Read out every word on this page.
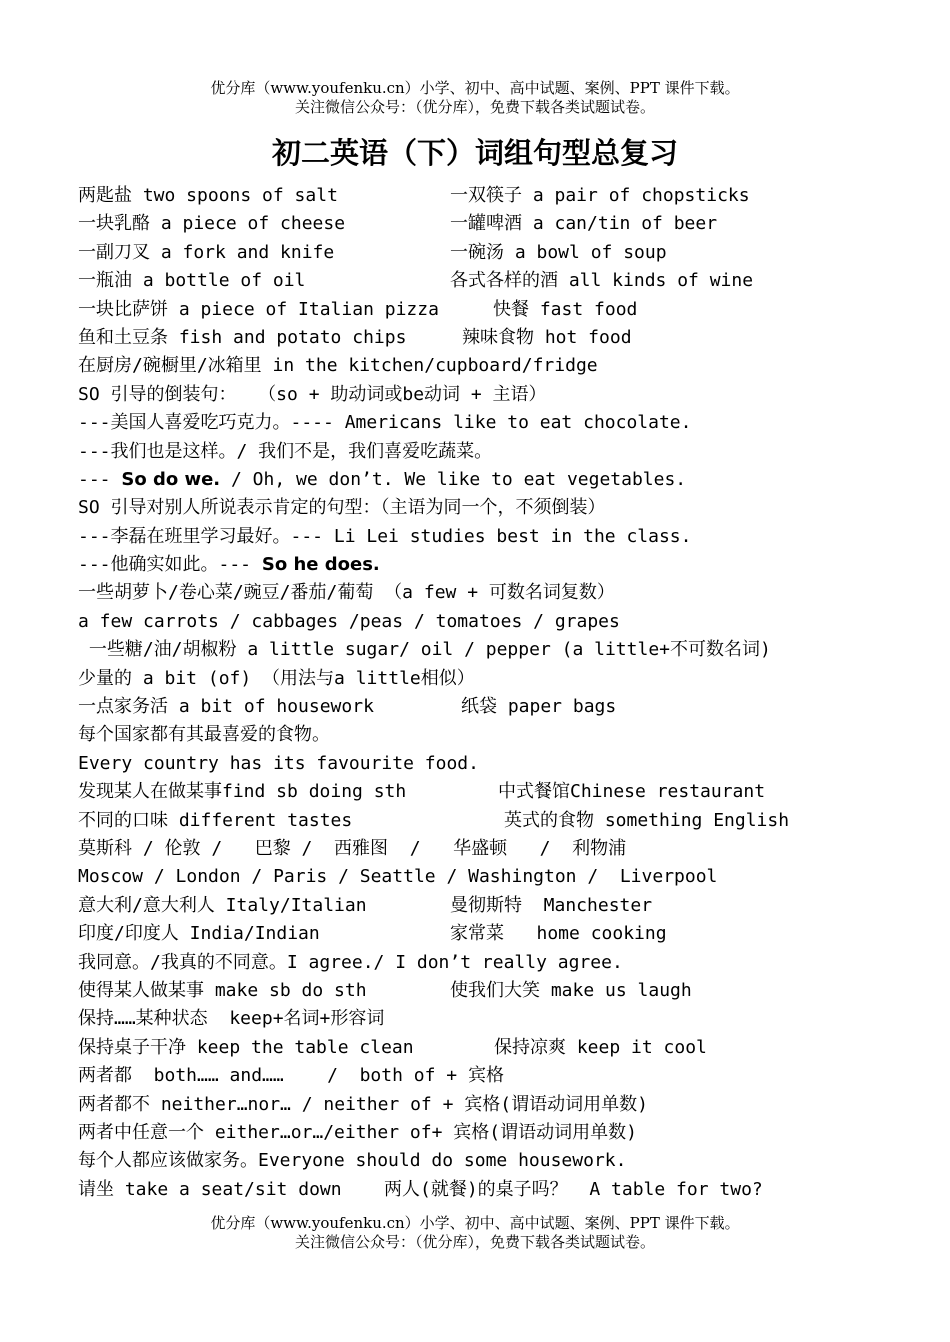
优分库（www.youfenku.cn）小学、初中、高中试题、案例、PPT 课件下载。
关注微信公众号：（优分库），免费下载各类试题试卷。
初二英语（下）词组句型总复习
两匙盐 two spoons of salt	一双筷子 a pair of chopsticks
一块乳酪 a piece of cheese	一罐啤酒 a can/tin of beer
一副刀叉 a fork and knife	一碗汤 a bowl of soup
一瓶油 a bottle of oil	各式各样的酒 all kinds of wine
一块比萨饼 a piece of Italian pizza	快餐 fast food
鱼和土豆条 fish and potato chips	辣味食物 hot food
在厨房/碗橱里/冰箱里 in the kitchen/cupboard/fridge
SO 引导的倒装句：  （so + 助动词或be动词 + 主语）
---美国人喜爱吃巧克力。---- Americans like to eat chocolate.
---我们也是这样。/ 我们不是，我们喜爱吃蔬菜。
--- So do we. / Oh, we don’t. We like to eat vegetables.
SO 引导对别人所说表示肯定的句型：（主语为同一个，不须倒装）
---李磊在班里学习最好。--- Li Lei studies best in the class.
---他确实如此。--- So he does.
一些胡萝卜/卷心菜/豌豆/番茄/葡萄 （a few + 可数名词复数）
a few carrots / cabbages /peas / tomatoes / grapes
一些糖/油/胡椒粉 a little sugar/ oil / pepper (a little+不可数名词)
少量的 a bit (of) （用法与a little相似）
一点家务活 a bit of housework	纸袋 paper bags
每个国家都有其最喜爱的食物。
Every country has its favourite food.
发现某人在做某事find sb doing sth	中式餐馆Chinese restaurant
不同的口味 different tastes	英式的食物 something English
莫斯科 / 伦敦 /   巴黎 /  西雅图  /   华盛顿   /  利物浦
Moscow / London / Paris / Seattle / Washington /  Liverpool
意大利/意大利人 Italy/Italian	曼彻斯特  Manchester
印度/印度人 India/Indian	家常菜   home cooking
我同意。/我真的不同意。I agree./ I don’t really agree.
使得某人做某事 make sb do sth	使我们大笑 make us laugh
保持……某种状态  keep+名词+形容词
保持桌子干净 keep the table clean	保持凉爽 keep it cool
两者都  both…… and……    /  both of + 宾格
两者都不 neither…nor… / neither of + 宾格(谓语动词用单数)
两者中任意一个 either…or…/either of+ 宾格(谓语动词用单数)
每个人都应该做家务。Everyone should do some housework.
请坐 take a seat/sit down 两人(就餐)的桌子吗？  A table for two?
优分库（www.youfenku.cn）小学、初中、高中试题、案例、PPT 课件下载。
关注微信公众号：（优分库），免费下载各类试题试卷。
